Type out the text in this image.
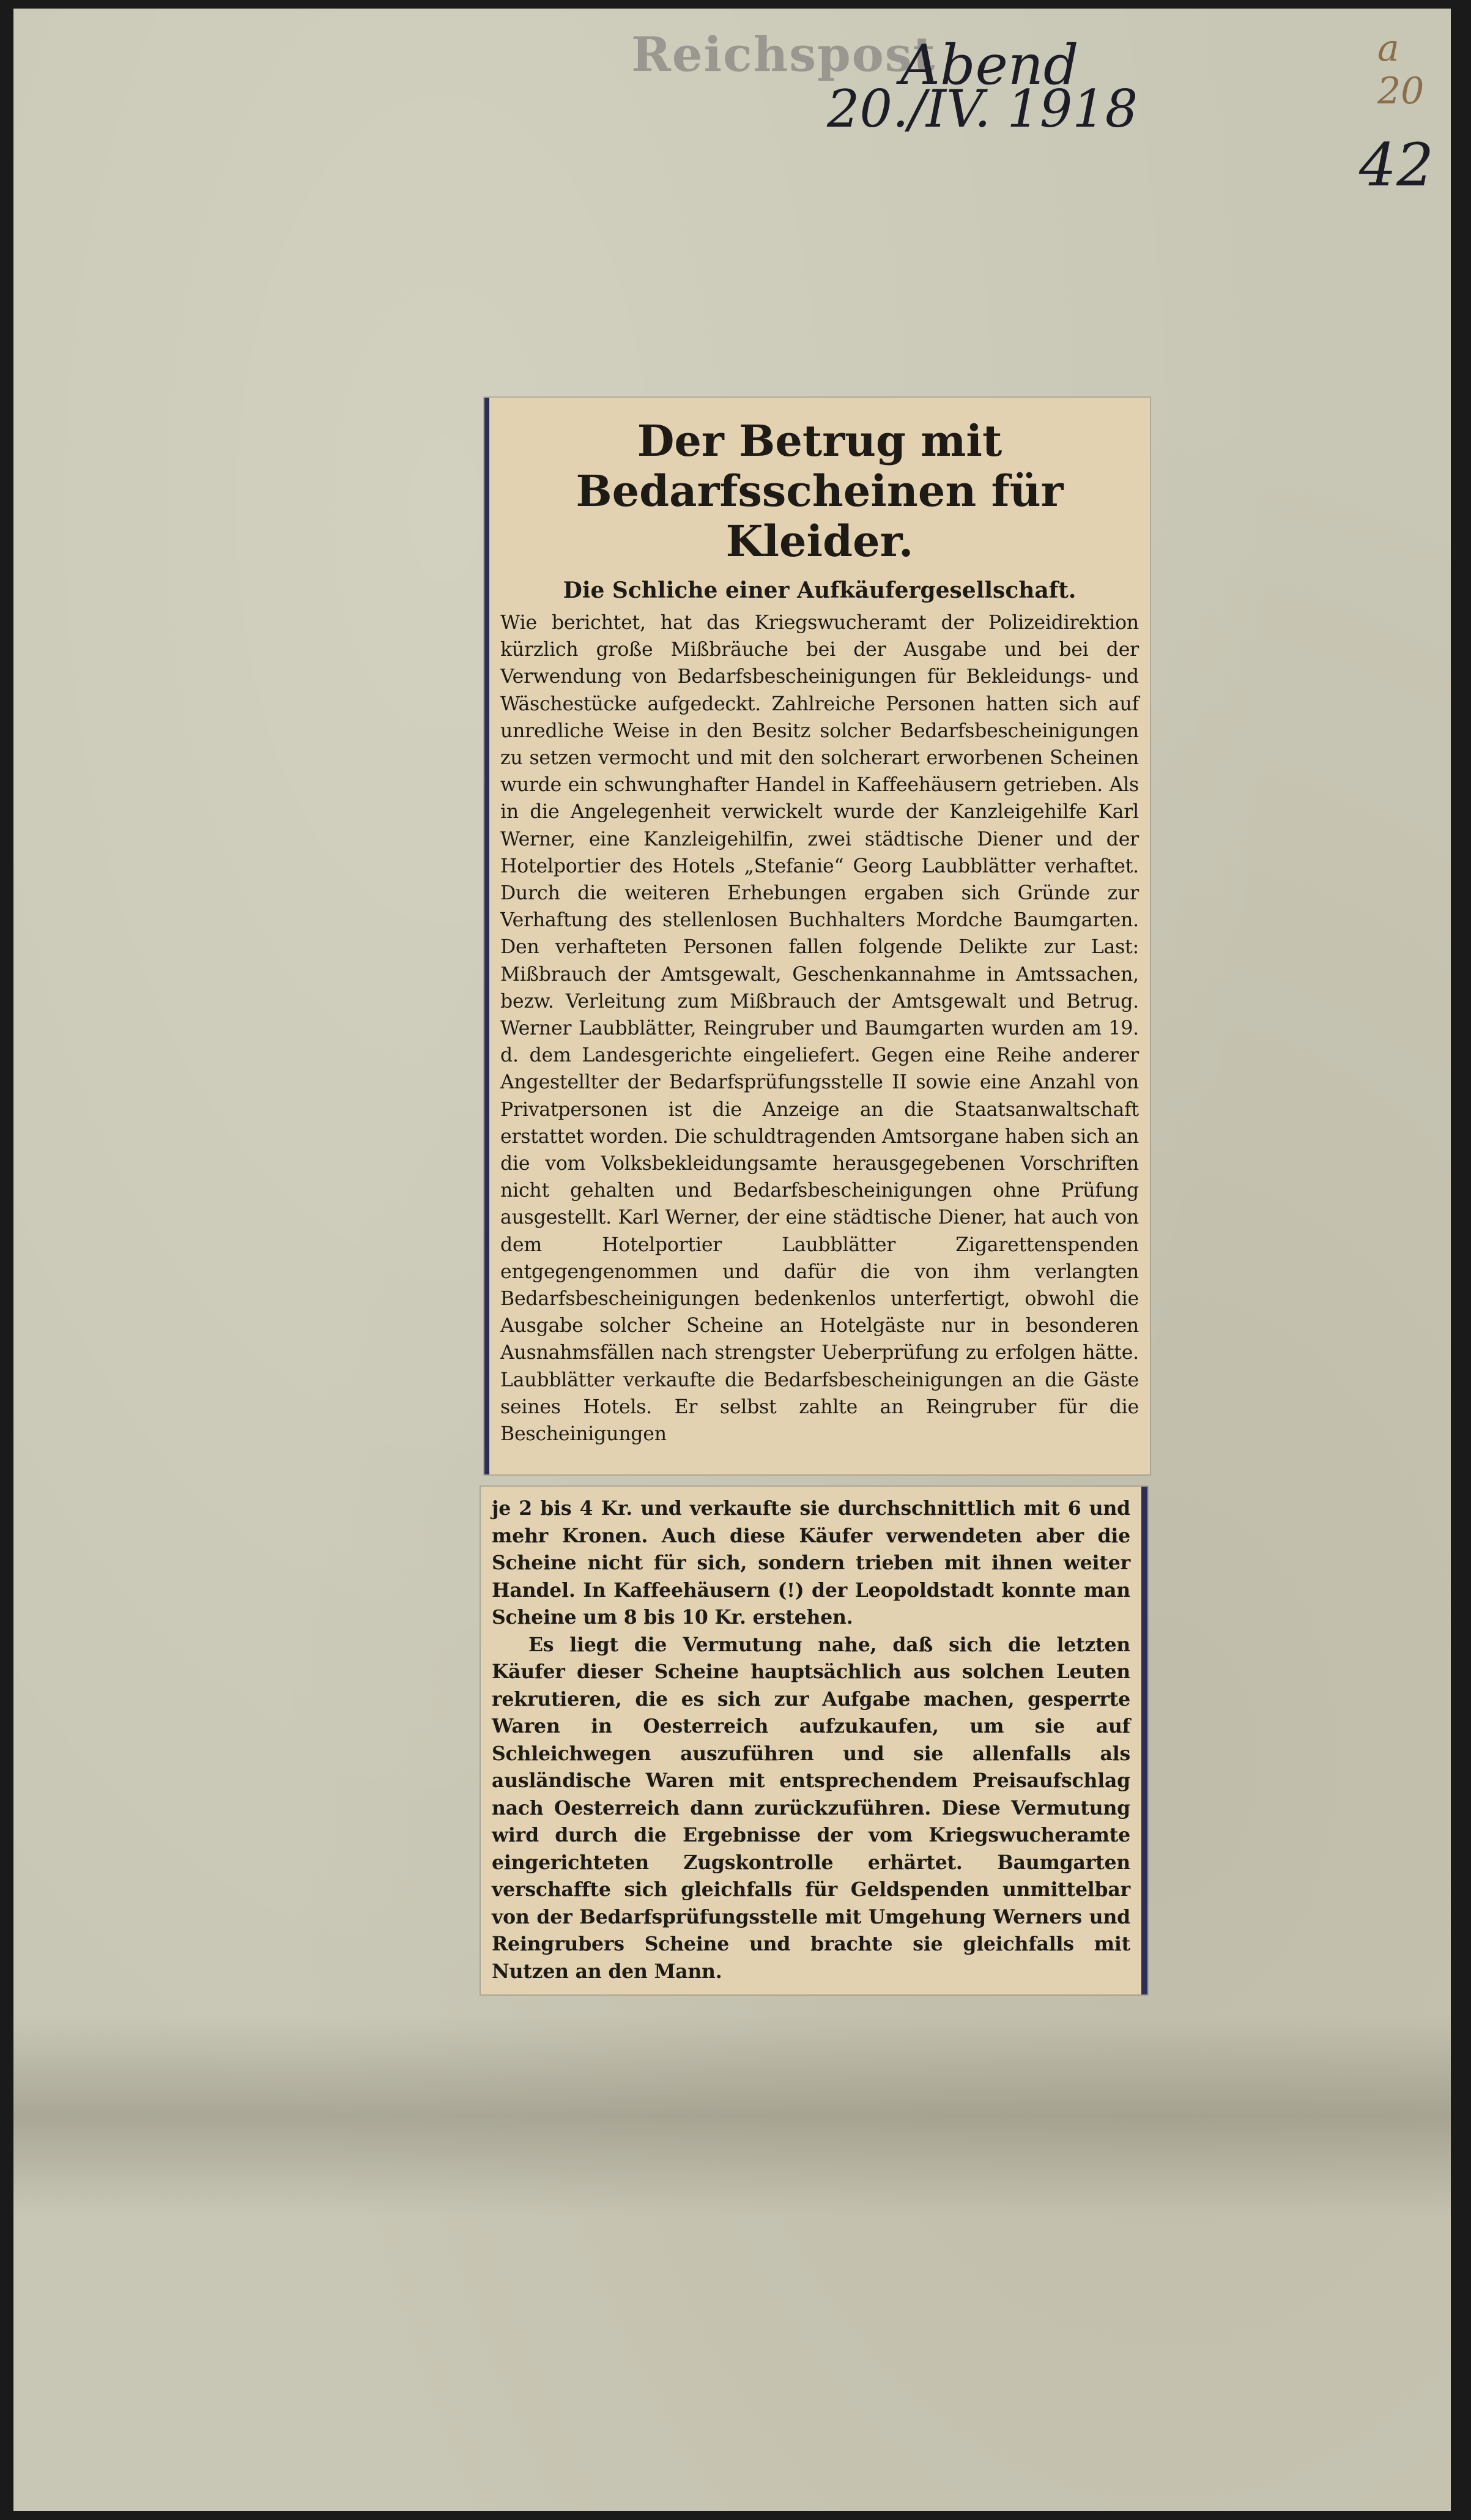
Reichspost
Abend
20./IV. 1918
a
20
42
Der Betrug mit Bedarfsscheinen für Kleider.
Die Schliche einer Aufkäufergesellschaft.
Wie berichtet, hat das Kriegswucheramt der Polizeidirektion kürzlich große Mißbräuche bei der Ausgabe und bei der Verwendung von Bedarfsbescheinigungen für Bekleidungs- und Wäschestücke aufgedeckt. Zahlreiche Personen hatten sich auf unredliche Weise in den Besitz solcher Bedarfsbescheinigungen zu setzen vermocht und mit den solcherart erworbenen Scheinen wurde ein schwunghafter Handel in Kaffeehäusern getrieben. Als in die Angelegenheit verwickelt wurde der Kanzleigehilfe Karl Werner, eine Kanzleigehilfin, zwei städtische Diener und der Hotelportier des Hotels „Stefanie“ Georg Laubblätter verhaftet. Durch die weiteren Erhebungen ergaben sich Gründe zur Verhaftung des stellenlosen Buchhalters Mordche Baumgarten. Den verhafteten Personen fallen folgende Delikte zur Last: Mißbrauch der Amtsgewalt, Geschenkannahme in Amtssachen, bezw. Verleitung zum Mißbrauch der Amtsgewalt und Betrug. Werner Laubblätter, Reingruber und Baumgarten wurden am 19. d. dem Landesgerichte eingeliefert. Gegen eine Reihe anderer Angestellter der Bedarfsprüfungsstelle II sowie eine Anzahl von Privatpersonen ist die Anzeige an die Staatsanwaltschaft erstattet worden. Die schuldtragenden Amtsorgane haben sich an die vom Volksbekleidungsamte herausgegebenen Vorschriften nicht gehalten und Bedarfsbescheinigungen ohne Prüfung ausgestellt. Karl Werner, der eine städtische Diener, hat auch von dem Hotelportier Laubblätter Zigarettenspenden entgegengenommen und dafür die von ihm verlangten Bedarfsbescheinigungen bedenkenlos unterfertigt, obwohl die Ausgabe solcher Scheine an Hotelgäste nur in besonderen Ausnahmsfällen nach strengster Ueberprüfung zu erfolgen hätte. Laubblätter verkaufte die Bedarfsbescheinigungen an die Gäste seines Hotels. Er selbst zahlte an Reingruber für die Bescheinigungen
je 2 bis 4 Kr. und verkaufte sie durchschnittlich mit 6 und mehr Kronen. Auch diese Käufer verwendeten aber die Scheine nicht für sich, sondern trieben mit ihnen weiter Handel. In Kaffeehäusern (!) der Leopoldstadt konnte man Scheine um 8 bis 10 Kr. erstehen.
Es liegt die Vermutung nahe, daß sich die letzten Käufer dieser Scheine hauptsächlich aus solchen Leuten rekrutieren, die es sich zur Aufgabe machen, gesperrte Waren in Oesterreich aufzukaufen, um sie auf Schleichwegen auszuführen und sie allenfalls als ausländische Waren mit entsprechendem Preisaufschlag nach Oesterreich dann zurückzuführen. Diese Vermutung wird durch die Ergebnisse der vom Kriegswucheramte eingerichteten Zugskontrolle erhärtet. Baumgarten verschaffte sich gleichfalls für Geldspenden unmittelbar von der Bedarfsprüfungsstelle mit Umgehung Werners und Reingrubers Scheine und brachte sie gleichfalls mit Nutzen an den Mann.
